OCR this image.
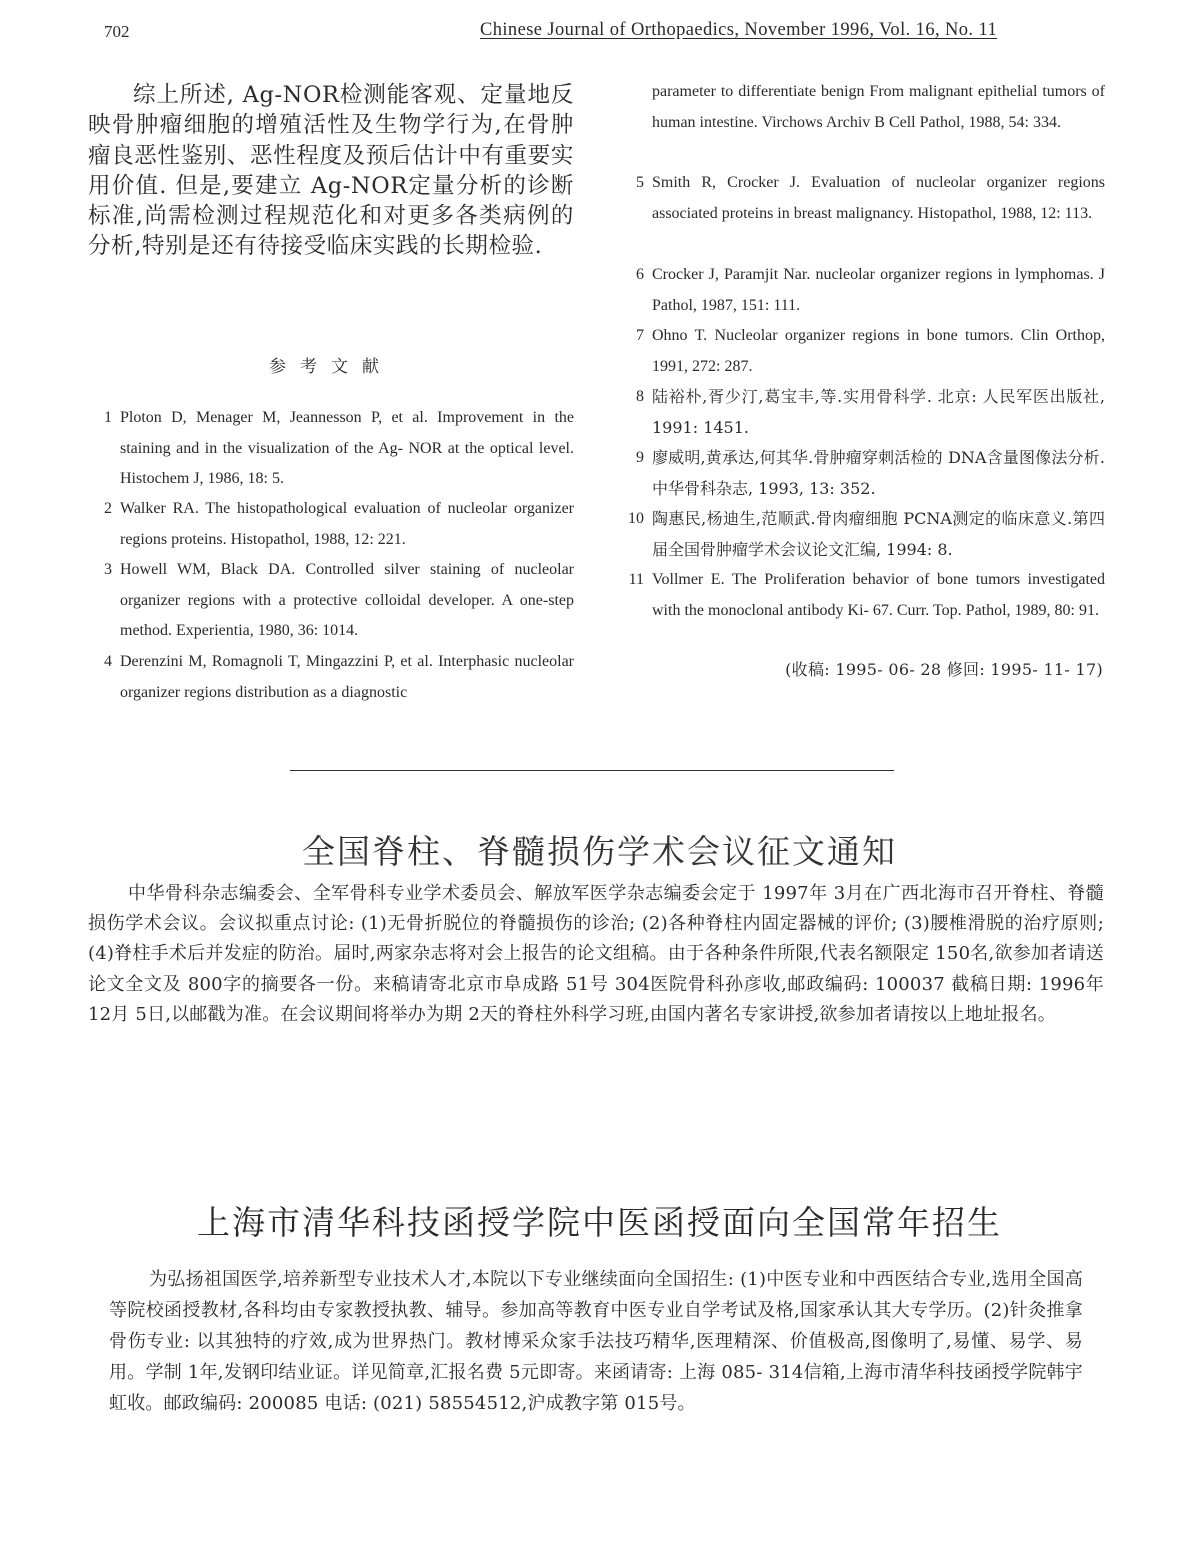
702	Chinese Journal of Orthopaedics, November 1996, Vol. 16, No. 11

综上所述, Ag-NOR检测能客观、定量地反映骨肿瘤细胞的增殖活性及生物学行为,在骨肿瘤良恶性鉴别、恶性程度及预后估计中有重要实用价值. 但是,要建立 Ag-NOR定量分析的诊断标准,尚需检测过程规范化和对更多各类病例的分析,特别是还有待接受临床实践的长期检验.

参考文献
1 Ploton D, Menager M, Jeannesson P, et al. Improvement in the staining and in the visualization of the Ag- NOR at the optical level. Histochem J, 1986, 18: 5.
2 Walker RA. The histopathological evaluation of nucleolar organizer regions proteins. Histopathol, 1988, 12: 221.
3 Howell WM, Black DA. Controlled silver staining of nucleolar organizer regions with a protective colloidal developer. A one-step method. Experientia, 1980, 36: 1014.
4 Derenzini M, Romagnoli T, Mingazzini P, et al. Interphasic nucleolar organizer regions distribution as a diagnostic
parameter to differentiate benign From malignant epithelial tumors of human intestine. Virchows Archiv B Cell Pathol, 1988, 54: 334.
5 Smith R, Crocker J. Evaluation of nucleolar organizer regions associated proteins in breast malignancy. Histopathol, 1988, 12: 113.
6 Crocker J, Paramjit Nar. nucleolar organizer regions in lymphomas. J Pathol, 1987, 151: 111.
7 Ohno T. Nucleolar organizer regions in bone tumors. Clin Orthop, 1991, 272: 287.
8 陆裕朴,胥少汀,葛宝丰,等.实用骨科学. 北京: 人民军医出版社, 1991: 1451.
9 廖威明,黄承达,何其华.骨肿瘤穿刺活检的 DNA含量图像法分析.中华骨科杂志, 1993, 13: 352.
10 陶惠民,杨迪生,范顺武.骨肉瘤细胞 PCNA测定的临床意义.第四届全国骨肿瘤学术会议论文汇编, 1994: 8.
11 Vollmer E. The Proliferation behavior of bone tumors investigated with the monoclonal antibody Ki- 67. Curr. Top. Pathol, 1989, 80: 91.
(收稿: 1995- 06- 28 修回: 1995- 11- 17)
全国脊柱、脊髓损伤学术会议征文通知

中华骨科杂志编委会、全军骨科专业学术委员会、解放军医学杂志编委会定于 1997年 3月在广西北海市召开脊柱、脊髓损伤学术会议。会议拟重点讨论: (1)无骨折脱位的脊髓损伤的诊治; (2)各种脊柱内固定器械的评价; (3)腰椎滑脱的治疗原则; (4)脊柱手术后并发症的防治。届时,两家杂志将对会上报告的论文组稿。由于各种条件所限,代表名额限定 150名,欲参加者请送论文全文及 800字的摘要各一份。来稿请寄北京市阜成路 51号 304医院骨科孙彦收,邮政编码: 100037 截稿日期: 1996年 12月 5日,以邮戳为准。在会议期间将举办为期 2天的脊柱外科学习班,由国内著名专家讲授,欲参加者请按以上地址报名。

上海市清华科技函授学院中医函授面向全国常年招生

为弘扬祖国医学,培养新型专业技术人才,本院以下专业继续面向全国招生: (1)中医专业和中西医结合专业,选用全国高等院校函授教材,各科均由专家教授执教、辅导。参加高等教育中医专业自学考试及格,国家承认其大专学历。(2)针灸推拿骨伤专业: 以其独特的疗效,成为世界热门。教材博采众家手法技巧精华,医理精深、价值极高,图像明了,易懂、易学、易用。学制 1年,发钢印结业证。详见简章,汇报名费 5元即寄。来函请寄: 上海 085- 314信箱,上海市清华科技函授学院韩宇虹收。邮政编码: 200085 电话: (021) 58554512,沪成教字第 015号。
